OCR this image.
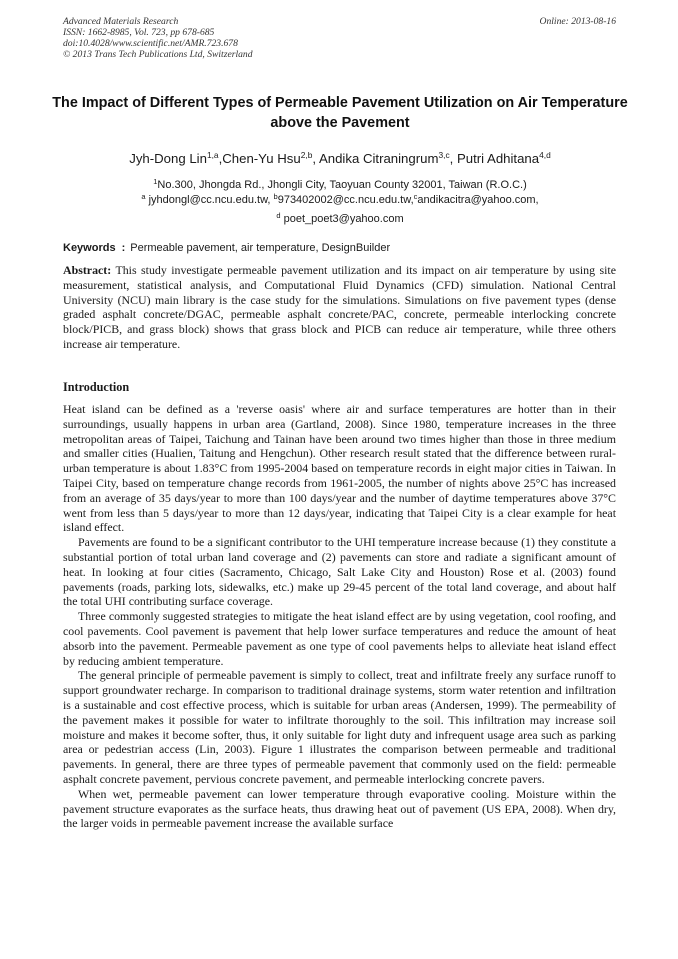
Advanced Materials Research
ISSN: 1662-8985, Vol. 723, pp 678-685
doi:10.4028/www.scientific.net/AMR.723.678
© 2013 Trans Tech Publications Ltd, Switzerland
Online: 2013-08-16
The Impact of Different Types of Permeable Pavement Utilization on Air Temperature above the Pavement
Jyh-Dong Lin$^{1,a}$,Chen-Yu Hsu$^{2,b}$, Andika Citraningrum$^{3,c}$, Putri Adhitana$^{4,d}$
$^1$No.300, Jhongda Rd., Jhongli City, Taoyuan County 32001, Taiwan (R.O.C.)
$^a$ jyhdongl@cc.ncu.edu.tw, $^b$973402002@cc.ncu.edu.tw,$^c$andikacitra@yahoo.com,
$^d$ poet_poet3@yahoo.com
Keywords : Permeable pavement, air temperature, DesignBuilder
Abstract: This study investigate permeable pavement utilization and its impact on air temperature by using site measurement, statistical analysis, and Computational Fluid Dynamics (CFD) simulation. National Central University (NCU) main library is the case study for the simulations. Simulations on five pavement types (dense graded asphalt concrete/DGAC, permeable asphalt concrete/PAC, concrete, permeable interlocking concrete block/PICB, and grass block) shows that grass block and PICB can reduce air temperature, while three others increase air temperature.
Introduction

Heat island can be defined as a 'reverse oasis' where air and surface temperatures are hotter than in their surroundings, usually happens in urban area (Gartland, 2008). Since 1980, temperature increases in the three metropolitan areas of Taipei, Taichung and Tainan have been around two times higher than those in three medium and smaller cities (Hualien, Taitung and Hengchun). Other research result stated that the difference between rural-urban temperature is about 1.83°C from 1995-2004 based on temperature records in eight major cities in Taiwan. In Taipei City, based on temperature change records from 1961-2005, the number of nights above 25°C has increased from an average of 35 days/year to more than 100 days/year and the number of daytime temperatures above 37°C went from less than 5 days/year to more than 12 days/year, indicating that Taipei City is a clear example for heat island effect.

Pavements are found to be a significant contributor to the UHI temperature increase because (1) they constitute a substantial portion of total urban land coverage and (2) pavements can store and radiate a significant amount of heat. In looking at four cities (Sacramento, Chicago, Salt Lake City and Houston) Rose et al. (2003) found pavements (roads, parking lots, sidewalks, etc.) make up 29-45 percent of the total land coverage, and about half the total UHI contributing surface coverage.

Three commonly suggested strategies to mitigate the heat island effect are by using vegetation, cool roofing, and cool pavements. Cool pavement is pavement that help lower surface temperatures and reduce the amount of heat absorb into the pavement. Permeable pavement as one type of cool pavements helps to alleviate heat island effect by reducing ambient temperature.

The general principle of permeable pavement is simply to collect, treat and infiltrate freely any surface runoff to support groundwater recharge. In comparison to traditional drainage systems, storm water retention and infiltration is a sustainable and cost effective process, which is suitable for urban areas (Andersen, 1999). The permeability of the pavement makes it possible for water to infiltrate thoroughly to the soil. This infiltration may increase soil moisture and makes it become softer, thus, it only suitable for light duty and infrequent usage area such as parking area or pedestrian access (Lin, 2003). Figure 1 illustrates the comparison between permeable and traditional pavements. In general, there are three types of permeable pavement that commonly used on the field: permeable asphalt concrete pavement, pervious concrete pavement, and permeable interlocking concrete pavers.

When wet, permeable pavement can lower temperature through evaporative cooling. Moisture within the pavement structure evaporates as the surface heats, thus drawing heat out of pavement (US EPA, 2008). When dry, the larger voids in permeable pavement increase the available surface
